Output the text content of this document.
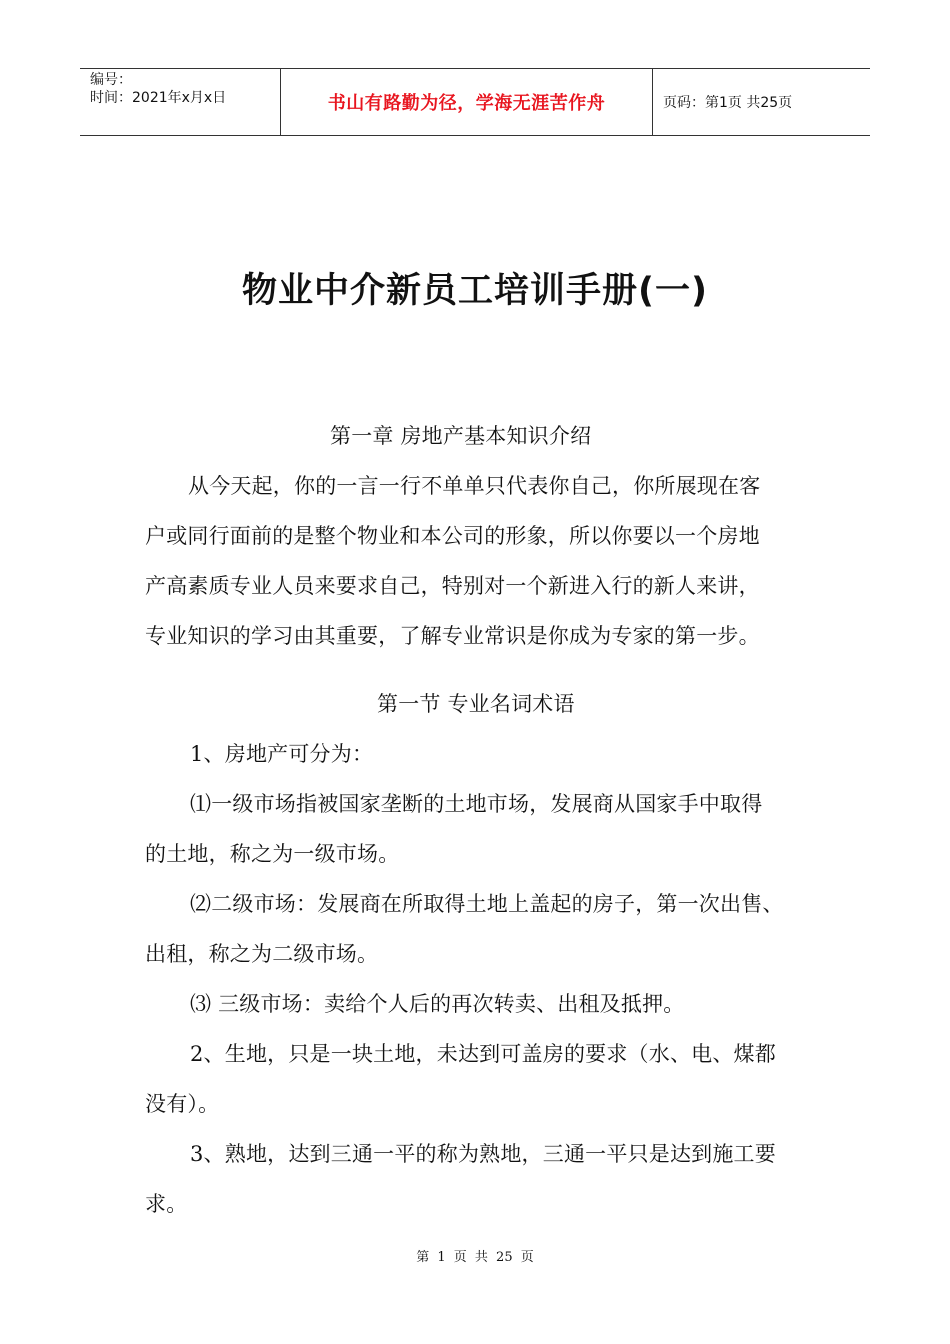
编号：
时间：2021年x月x日	书山有路勤为径，学海无涯苦作舟	页码：第1页 共25页
物业中介新员工培训手册(一)
第一章 房地产基本知识介绍
从今天起，你的一言一行不单单只代表你自己，你所展现在客
户或同行面前的是整个物业和本公司的形象，所以你要以一个房地
产高素质专业人员来要求自己，特别对一个新进入行的新人来讲，
专业知识的学习由其重要，了解专业常识是你成为专家的第一步。
第一节 专业名词术语
1、房地产可分为：
⑴一级市场指被国家垄断的土地市场，发展商从国家手中取得
的土地，称之为一级市场。
⑵二级市场：发展商在所取得土地上盖起的房子，第一次出售、
出租，称之为二级市场。
⑶ 三级市场：卖给个人后的再次转卖、出租及抵押。
2、生地，只是一块土地，未达到可盖房的要求（水、电、煤都
没有）。
3、熟地，达到三通一平的称为熟地，三通一平只是达到施工要
求。
第 1 页 共 25 页
